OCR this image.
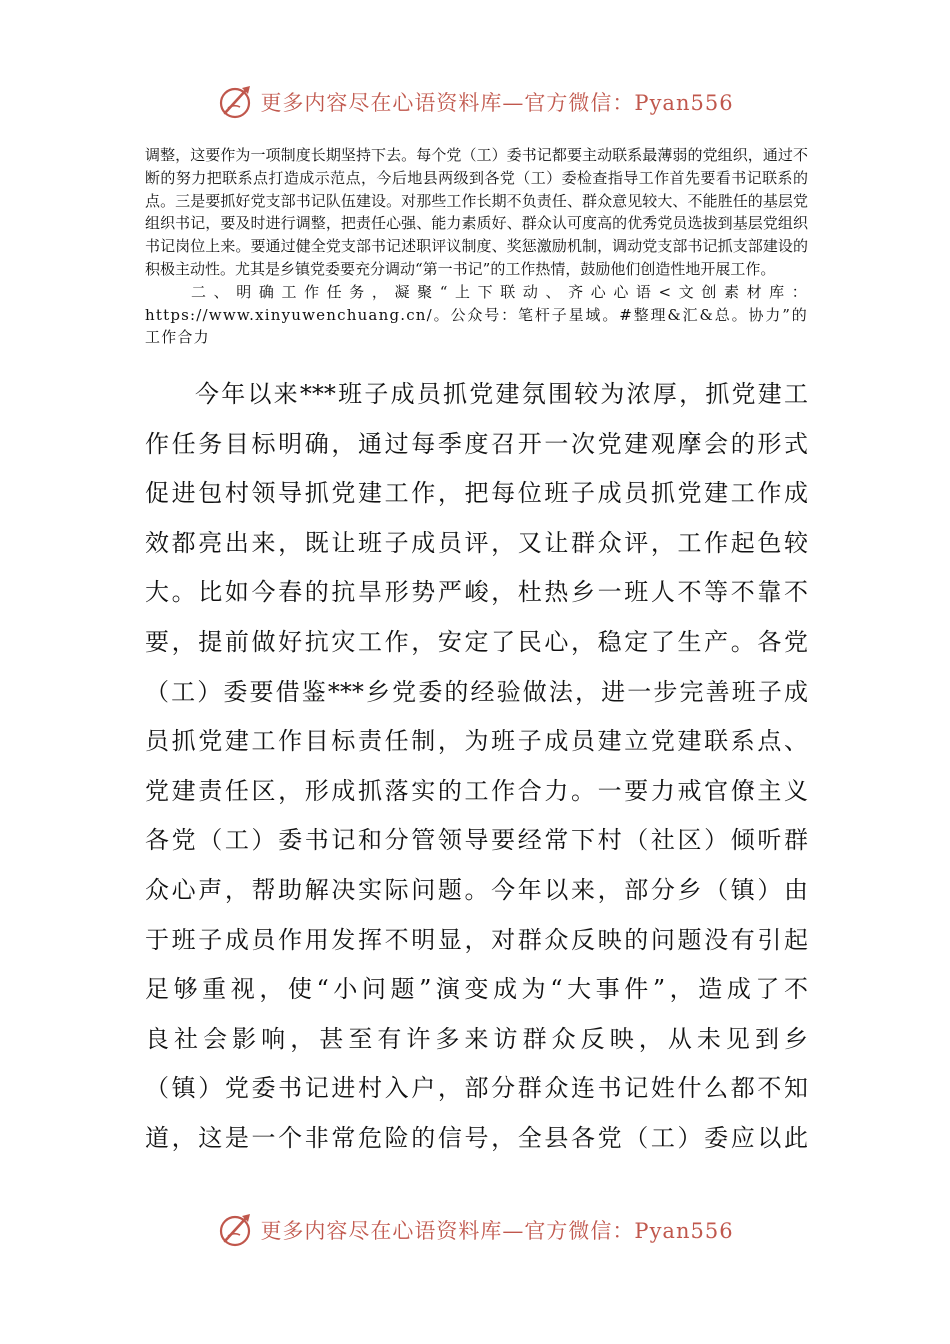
更多内容尽在心语资料库—官方微信：Pyan556

调整，这要作为一项制度长期坚持下去。每个党（工）委书记都要主动联系最薄弱的党组织，通过不断的努力把联系点打造成示范点，今后地县两级到各党（工）委检查指导工作首先要看书记联系的点。三是要抓好党支部书记队伍建设。对那些工作长期不负责任、群众意见较大、不能胜任的基层党组织书记，要及时进行调整，把责任心强、能力素质好、群众认可度高的优秀党员选拔到基层党组织书记岗位上来。要通过健全党支部书记述职评议制度、奖惩激励机制，调动党支部书记抓支部建设的积极主动性。尤其是乡镇党委要充分调动“第一书记”的工作热情，鼓励他们创造性地开展工作。

二、明确工作任务，凝聚“上下联动、齐心心语<文创素材库：https://www.xinyuwenchuang.cn/。公众号：笔杆子星域。#整理&汇&总。协力”的工作合力

今年以来***班子成员抓党建氛围较为浓厚，抓党建工
作任务目标明确，通过每季度召开一次党建观摩会的形式
促进包村领导抓党建工作，把每位班子成员抓党建工作成
效都亮出来，既让班子成员评，又让群众评，工作起色较
大。比如今春的抗旱形势严峻，杜热乡一班人不等不靠不
要，提前做好抗灾工作，安定了民心，稳定了生产。各党
（工）委要借鉴***乡党委的经验做法，进一步完善班子成
员抓党建工作目标责任制，为班子成员建立党建联系点、
党建责任区，形成抓落实的工作合力。一要力戒官僚主义
各党（工）委书记和分管领导要经常下村（社区）倾听群
众心声，帮助解决实际问题。今年以来，部分乡（镇）由
于班子成员作用发挥不明显，对群众反映的问题没有引起
足够重视，使“小问题”演变成为“大事件”，造成了不
良社会影响，甚至有许多来访群众反映，从未见到乡
（镇）党委书记进村入户，部分群众连书记姓什么都不知
道，这是一个非常危险的信号，全县各党（工）委应以此
更多内容尽在心语资料库—官方微信：Pyan556
